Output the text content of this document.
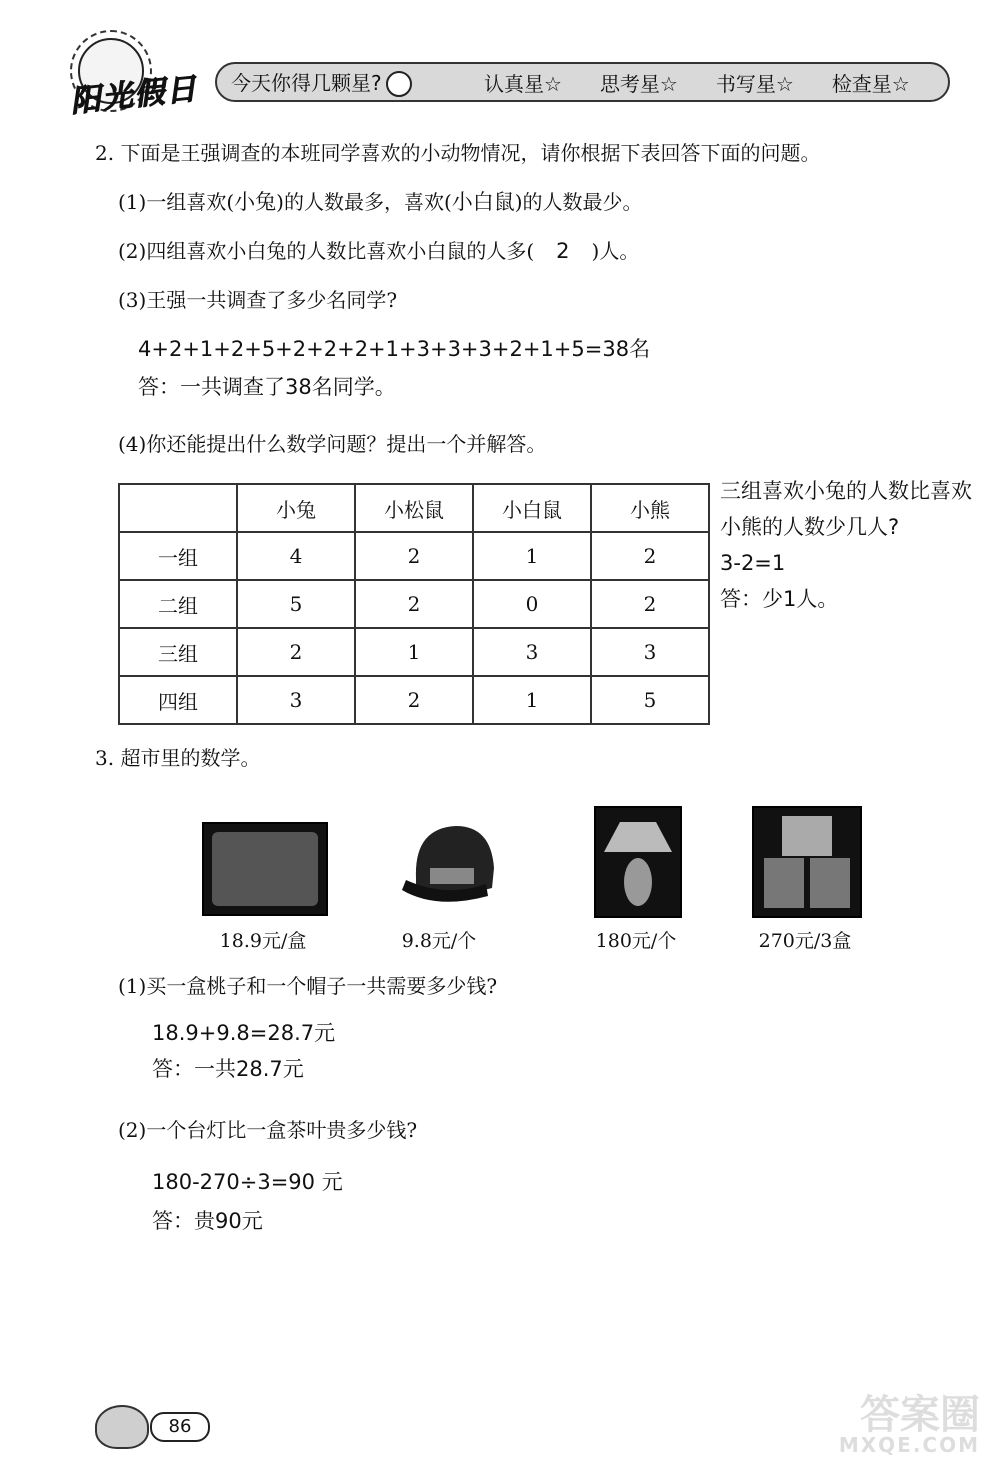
阳光假日 今天你得几颗星?	认真星☆ 思考星☆ 书写星☆ 检查星☆
2. 下面是王强调查的本班同学喜欢的小动物情况，请你根据下表回答下面的问题。
(1)一组喜欢(小兔)的人数最多，喜欢(小白鼠)的人数最少。
(2)四组喜欢小白兔的人数比喜欢小白鼠的人多( 2 )人。
(3)王强一共调查了多少名同学?
4+2+1+2+5+2+2+2+1+3+3+3+2+1+5=38名
答：一共调查了38名同学。
(4)你还能提出什么数学问题？提出一个并解答。
	小兔	小松鼠	小白鼠	小熊
一组	4	2	1	2
二组	5	2	0	2
三组	2	1	3	3
四组	3	2	1	5
三组喜欢小兔的人数比喜欢
小熊的人数少几人?
3-2=1
答：少1人。
3. 超市里的数学。
18.9元/盒	9.8元/个	180元/个	270元/3盒
(1)买一盒桃子和一个帽子一共需要多少钱?
18.9+9.8=28.7元
答：一共28.7元
(2)一个台灯比一盒茶叶贵多少钱?
180-270÷3=90 元
答：贵90元
86	答案圈
MXQE.COM
